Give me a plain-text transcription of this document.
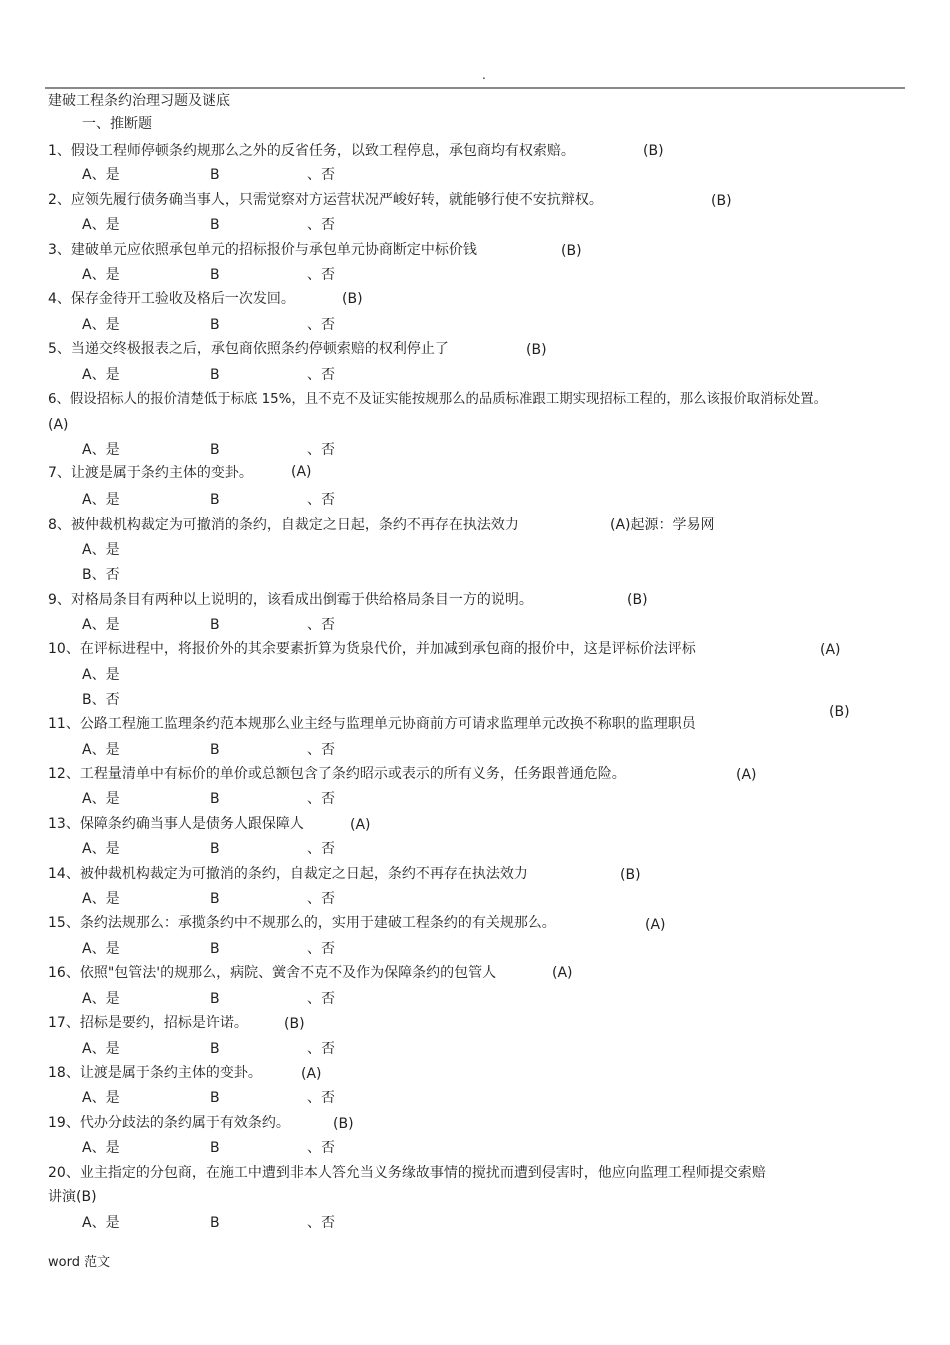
.
建破工程条约治理习题及谜底
一、推断题
1、假设工程师停顿条约规那么之外的反省任务，以致工程停息，承包商均有权索赔。	(B)
A、是	B	、否
2、应领先履行债务确当事人，只需觉察对方运营状况严峻好转，就能够行使不安抗辩权。	(B)
A、是	B	、否
3、建破单元应依照承包单元的招标报价与承包单元协商断定中标价钱	(B)
A、是	B	、否
4、保存金待开工验收及格后一次发回。	(B)
A、是	B	、否
5、当递交终极报表之后，承包商依照条约停顿索赔的权利停止了	(B)
A、是	B	、否
6、假设招标人的报价清楚低于标底 15%，且不克不及证实能按规那么的品质标准跟工期实现招标工程的，那么该报价取消标处置。
(A)
A、是	B	、否
7、让渡是属于条约主体的变卦。	(A)
A、是	B	、否
8、被仲裁机构裁定为可撤消的条约，自裁定之日起，条约不再存在执法效力	(A)起源：学易网
A、是
B、否
9、对格局条目有两种以上说明的，该看成出倒霉于供给格局条目一方的说明。	(B)
A、是	B	、否
10、在评标进程中，将报价外的其余要素折算为货泉代价，并加减到承包商的报价中，这是评标价法评标	(A)
A、是
B、否
(B)
11、公路工程施工监理条约范本规那么业主经与监理单元协商前方可请求监理单元改换不称职的监理职员
A、是	B	、否
12、工程量清单中有标价的单价或总额包含了条约昭示或表示的所有义务，任务跟普通危险。	(A)
A、是	B	、否
13、保障条约确当事人是债务人跟保障人	(A)
A、是	B	、否
14、被仲裁机构裁定为可撤消的条约，自裁定之日起，条约不再存在执法效力	(B)
A、是	B	、否
15、条约法规那么：承揽条约中不规那么的，实用于建破工程条约的有关规那么。	(A)
A、是	B	、否
16、依照"包管法'的规那么，病院、黉舍不克不及作为保障条约的包管人	(A)
A、是	B	、否
17、招标是要约，招标是许诺。	(B)
A、是	B	、否
18、让渡是属于条约主体的变卦。	(A)
A、是	B	、否
19、代办分歧法的条约属于有效条约。	(B)
A、是	B	、否
20、业主指定的分包商，在施工中遭到非本人答允当义务缘故事情的搅扰而遭到侵害时，他应向监理工程师提交索赔
讲演(B)
A、是	B	、否
word 范文
